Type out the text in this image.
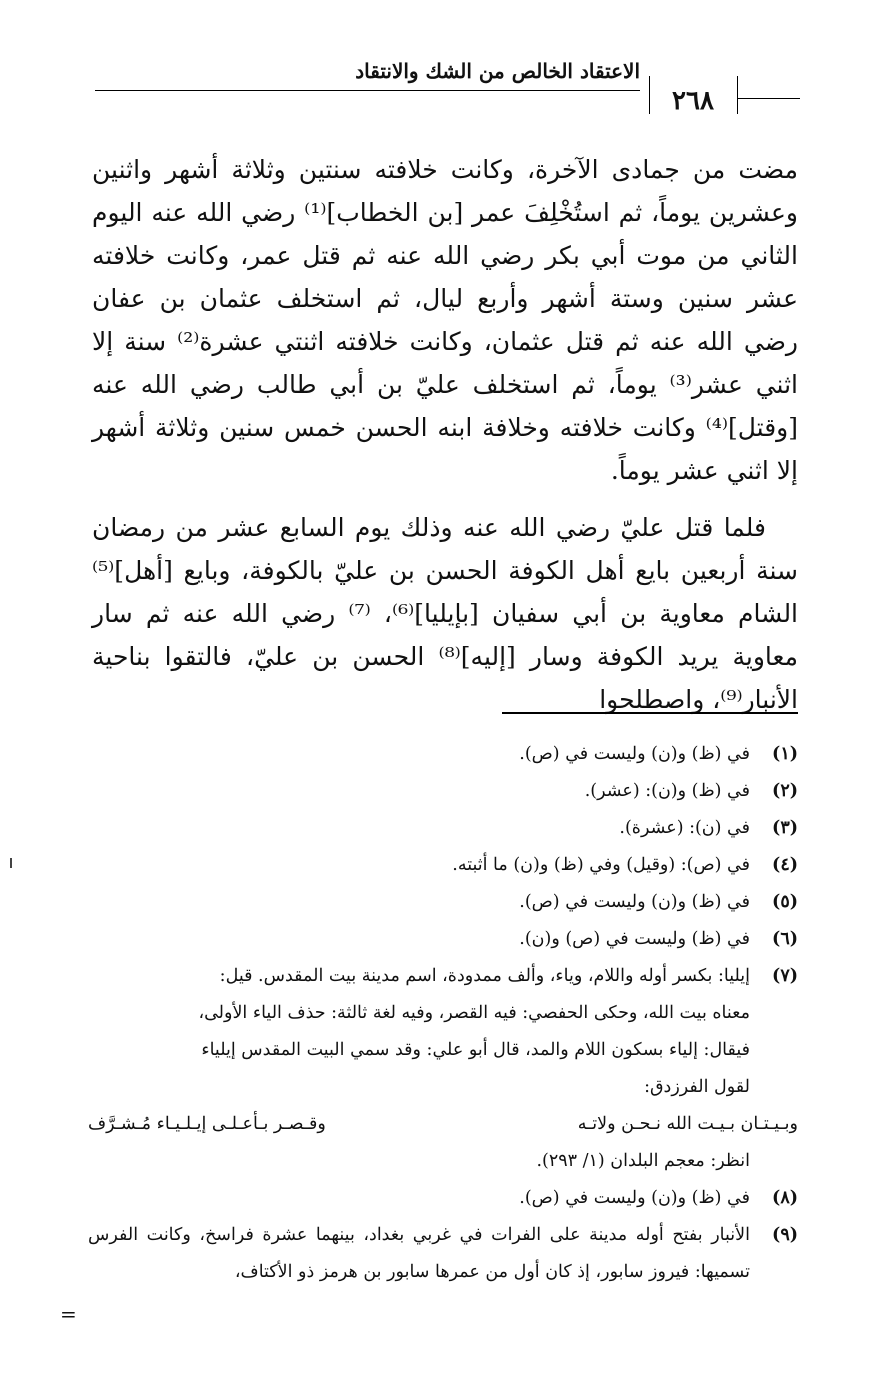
الاعتقاد الخالص من الشك والانتقاد
٢٦٨

مضت من جمادى الآخرة، وكانت خلافته سنتين وثلاثة أشهر واثنين وعشرين يوماً، ثم استُخْلِفَ عمر [بن الخطاب]⁽¹⁾ رضي الله عنه اليوم الثاني من موت أبي بكر رضي الله عنه ثم قتل عمر، وكانت خلافته عشر سنين وستة أشهر وأربع ليال، ثم استخلف عثمان بن عفان رضي الله عنه ثم قتل عثمان، وكانت خلافته اثنتي عشرة⁽²⁾ سنة إلا اثني عشر⁽³⁾ يوماً، ثم استخلف عليّ بن أبي طالب رضي الله عنه [وقتل]⁽⁴⁾ وكانت خلافته وخلافة ابنه الحسن خمس سنين وثلاثة أشهر إلا اثني عشر يوماً.

فلما قتل عليّ رضي الله عنه وذلك يوم السابع عشر من رمضان سنة أربعين بايع أهل الكوفة الحسن بن عليّ بالكوفة، وبايع [أهل]⁽⁵⁾ الشام معاوية بن أبي سفيان [بإيليا]⁽⁶⁾، ⁽⁷⁾ رضي الله عنه ثم سار معاوية يريد الكوفة وسار [إليه]⁽⁸⁾ الحسن بن عليّ، فالتقوا بناحية الأنبار⁽⁹⁾، واصطلحوا

(١)
في (ظ) و(ن) وليست في (ص).
(٢)
في (ظ) و(ن): (عشر).
(٣)
في (ن): (عشرة).
(٤)
في (ص): (وقيل) وفي (ظ) و(ن) ما أثبته.
(٥)
في (ظ) و(ن) وليست في (ص).
(٦)
في (ظ) وليست في (ص) و(ن).
(٧)
إيليا: بكسر أوله واللام، وياء، وألف ممدودة، اسم مدينة بيت المقدس. قيل:
معناه بيت الله، وحكى الحفصي: فيه القصر، وفيه لغة ثالثة: حذف الياء الأولى،
فيقال: إلياء بسكون اللام والمد، قال أبو علي: وقد سمي البيت المقدس إيلياء
لقول الفرزدق:
وبـيـتـان بـيـت الله نـحـن ولاتـه
وقـصـر بـأعـلـى إيـلـيـاء مُـشـرَّف
انظر: معجم البلدان (١/ ٢٩٣).
(٨)
في (ظ) و(ن) وليست في (ص).
(٩)
الأنبار بفتح أوله مدينة على الفرات في غربي بغداد، بينهما عشرة فراسخ، وكانت الفرس تسميها: فيروز سابور، إذ كان أول من عمرها سابور بن هرمز ذو الأكتاف،
=
